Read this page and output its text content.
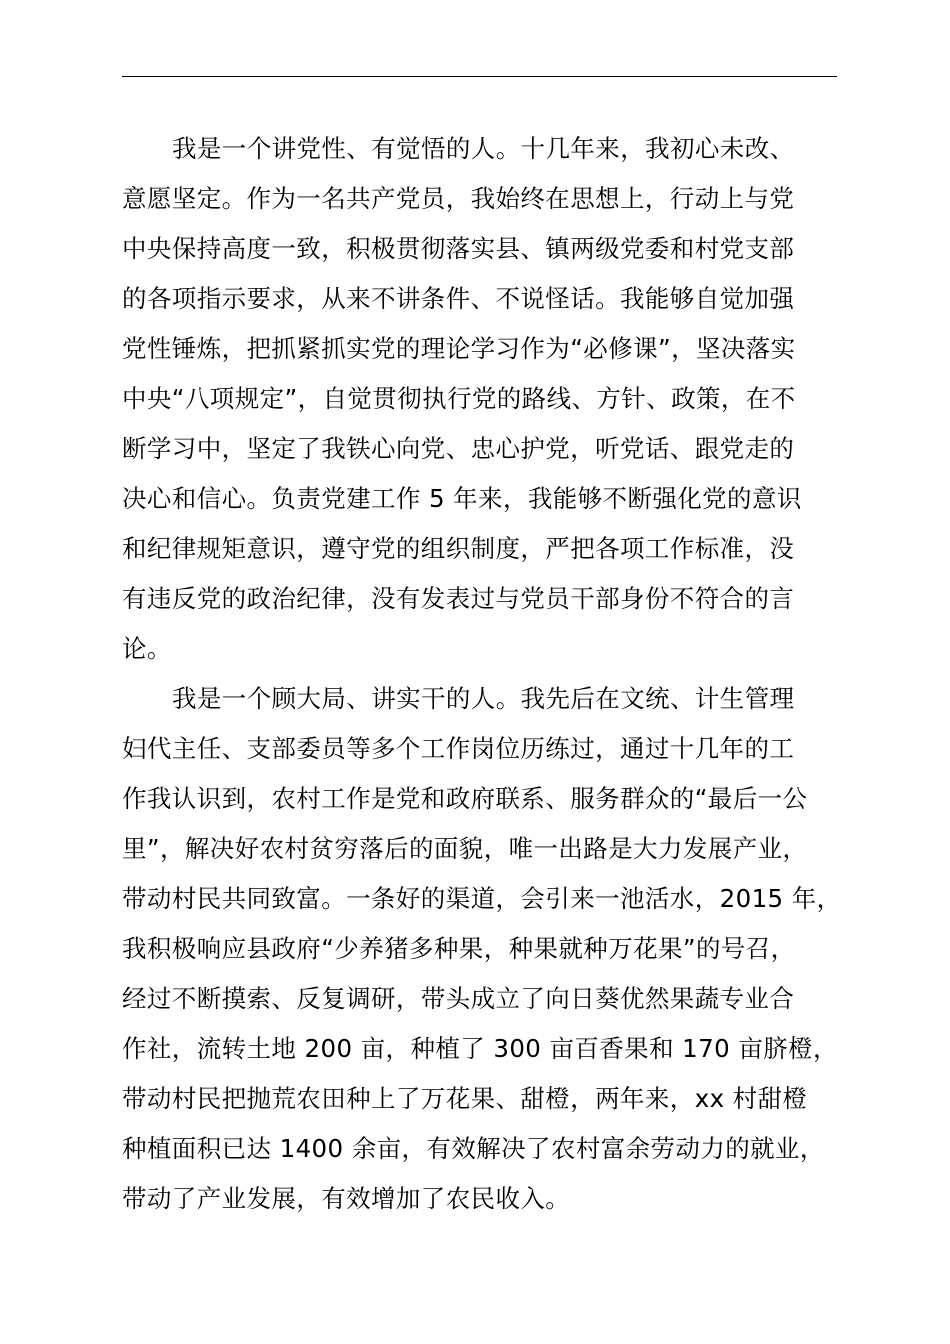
我是一个讲党性、有觉悟的人。十几年来，我初心未改、
意愿坚定。作为一名共产党员，我始终在思想上，行动上与党
中央保持高度一致，积极贯彻落实县、镇两级党委和村党支部
的各项指示要求，从来不讲条件、不说怪话。我能够自觉加强
党性锤炼，把抓紧抓实党的理论学习作为“必修课”，坚决落实
中央“八项规定”，自觉贯彻执行党的路线、方针、政策，在不
断学习中，坚定了我铁心向党、忠心护党，听党话、跟党走的
决心和信心。负责党建工作 5 年来，我能够不断强化党的意识
和纪律规矩意识，遵守党的组织制度，严把各项工作标准，没
有违反党的政治纪律，没有发表过与党员干部身份不符合的言
论。
我是一个顾大局、讲实干的人。我先后在文统、计生管理
妇代主任、支部委员等多个工作岗位历练过，通过十几年的工
作我认识到，农村工作是党和政府联系、服务群众的“最后一公
里”，解决好农村贫穷落后的面貌，唯一出路是大力发展产业，
带动村民共同致富。一条好的渠道，会引来一池活水，2015 年，
我积极响应县政府“少养猪多种果，种果就种万花果”的号召，
经过不断摸索、反复调研，带头成立了向日葵优然果蔬专业合
作社，流转土地 200 亩，种植了 300 亩百香果和 170 亩脐橙，
带动村民把抛荒农田种上了万花果、甜橙，两年来，xx 村甜橙
种植面积已达 1400 余亩，有效解决了农村富余劳动力的就业，
带动了产业发展，有效增加了农民收入。
